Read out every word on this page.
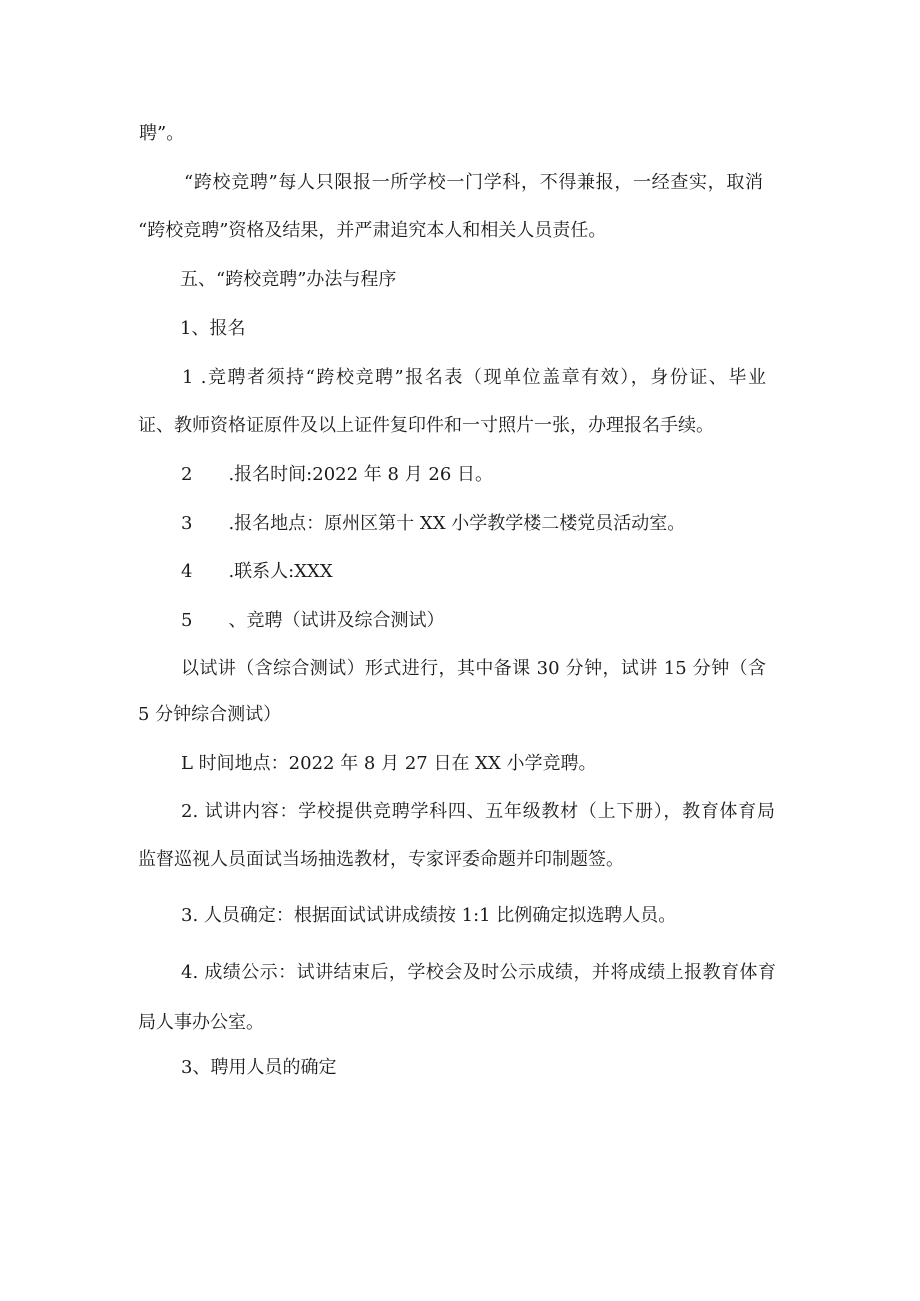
聘”。

“跨校竞聘”每人只限报一所学校一门学科，不得兼报，一经查实，取消

“跨校竞聘”资格及结果，并严肃追究本人和相关人员责任。

五、“跨校竞聘”办法与程序

1、报名

1 .竞聘者须持“跨校竞聘”报名表（现单位盖章有效），身份证、毕业

证、教师资格证原件及以上证件复印件和一寸照片一张，办理报名手续。

2　　.报名时间:2022 年 8 月 26 日。

3　　.报名地点：原州区第十 XX 小学教学楼二楼党员活动室。

4　　.联系人:XXX

5　　、竞聘（试讲及综合测试）

以试讲（含综合测试）形式进行，其中备课 30 分钟，试讲 15 分钟（含

5 分钟综合测试）

L 时间地点：2022 年 8 月 27 日在 XX 小学竞聘。

2. 试讲内容：学校提供竞聘学科四、五年级教材（上下册），教育体育局

监督巡视人员面试当场抽选教材，专家评委命题并印制题签。

3. 人员确定：根据面试试讲成绩按 1:1 比例确定拟选聘人员。

4. 成绩公示：试讲结束后，学校会及时公示成绩，并将成绩上报教育体育

局人事办公室。

3、聘用人员的确定
